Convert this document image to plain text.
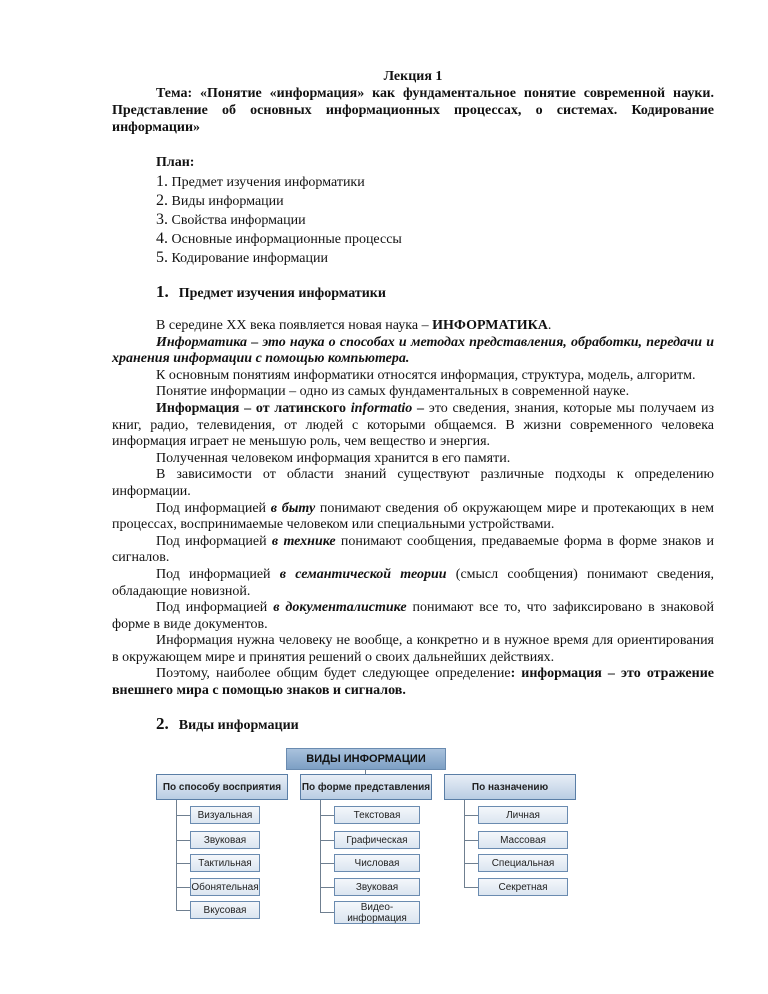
Лекция 1
Тема: «Понятие «информация» как фундаментальное понятие современной науки. Представление об основных информационных процессах, о системах. Кодирование информации»
План:
1. Предмет изучения информатики
2. Виды информации
3. Свойства информации
4. Основные информационные процессы
5. Кодирование информации
1. Предмет изучения информатики
В середине XX века появляется новая наука – ИНФОРМАТИКА.
Информатика – это наука о способах и методах представления, обработки, передачи и хранения информации с помощью компьютера.
К основным понятиям информатики относятся информация, структура, модель, алгоритм.
Понятие информации – одно из самых фундаментальных в современной науке.
Информация – от латинского informatio – это сведения, знания, которые мы получаем из книг, радио, телевидения, от людей с которыми общаемся. В жизни современного человека информация играет не меньшую роль, чем вещество и энергия.
Полученная человеком информация хранится в его памяти.
В зависимости от области знаний существуют различные подходы к определению информации.
Под информацией в быту понимают сведения об окружающем мире и протекающих в нем процессах, воспринимаемые человеком или специальными устройствами.
Под информацией в технике понимают сообщения, предаваемые форма в форме знаков и сигналов.
Под информацией в семантической теории (смысл сообщения) понимают сведения, обладающие новизной.
Под информацией в документалистике понимают все то, что зафиксировано в знаковой форме в виде документов.
Информация нужна человеку не вообще, а конкретно и в нужное время для ориентирования в окружающем мире и принятия решений о своих дальнейших действиях.
Поэтому, наиболее общим будет следующее определение: информация – это отражение внешнего мира с помощью знаков и сигналов.
2. Виды информации
ВИДЫ ИНФОРМАЦИИ
По способу восприятия	По форме представления	По назначению
Визуальная
Звуковая
Тактильная
Обонятельная
Вкусовая
Текстовая
Графическая
Числовая
Звуковая
Видео-информация
Личная
Массовая
Специальная
Секретная
